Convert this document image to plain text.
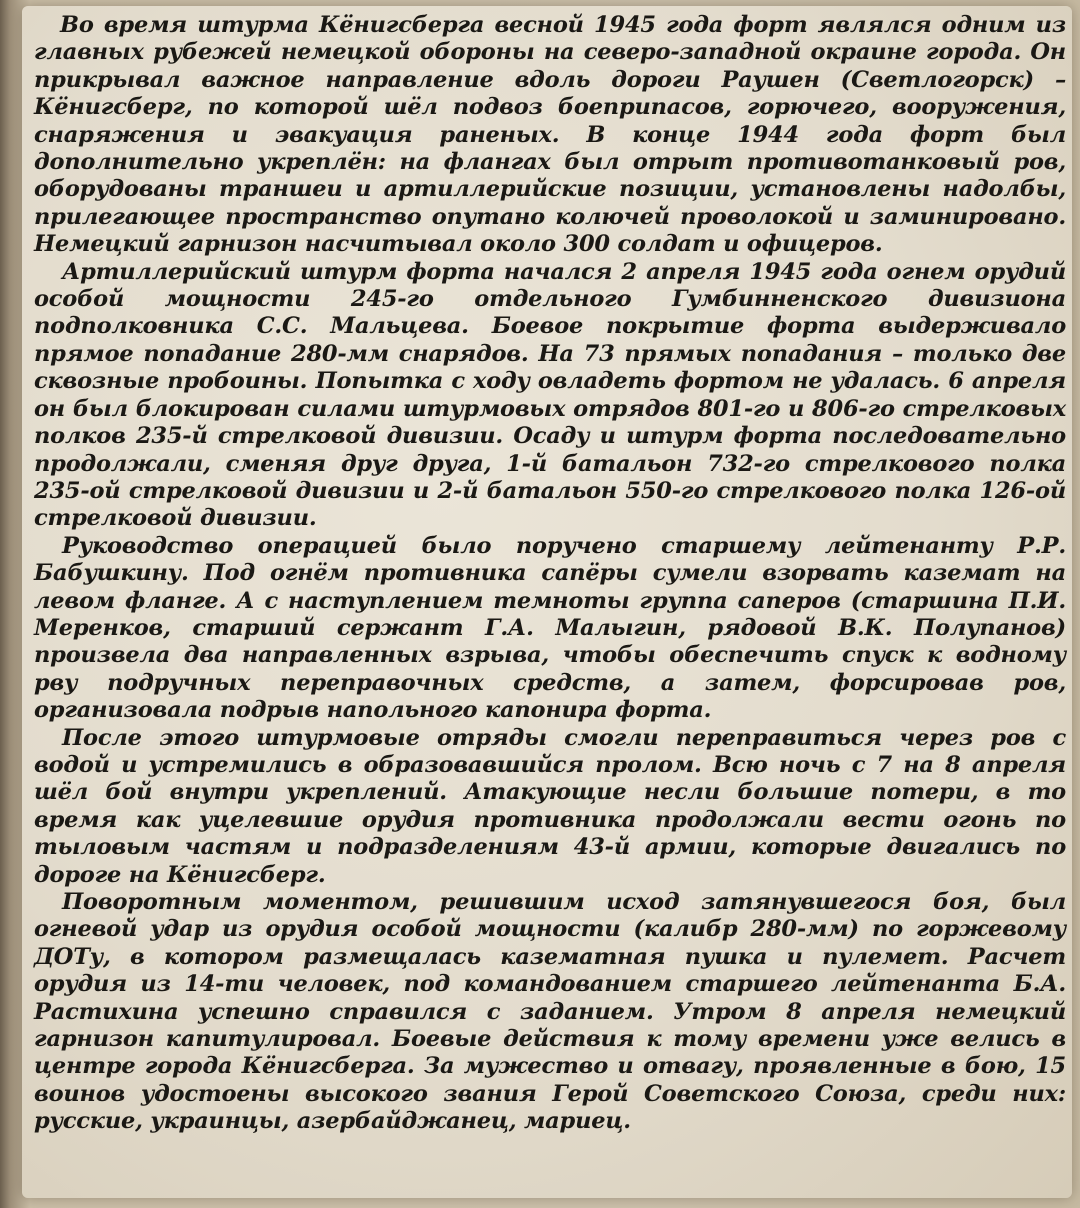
Во время штурма Кёнигсберга весной 1945 года форт являлся одним из главных рубежей немецкой обороны на северо-западной окраине города. Он прикрывал важное направление вдоль дороги Раушен (Светлогорск) – Кёнигсберг, по которой шёл подвоз боеприпасов, горючего, вооружения, снаряжения и эвакуация раненых. В конце 1944 года форт был дополнительно укреплён: на флангах был отрыт противотанковый ров, оборудованы траншеи и артиллерийские позиции, установлены надолбы, прилегающее пространство опутано колючей проволокой и заминировано. Немецкий гарнизон насчитывал около 300 солдат и офицеров.

Артиллерийский штурм форта начался 2 апреля 1945 года огнем орудий особой мощности 245-го отдельного Гумбинненского дивизиона подполковника С.С. Мальцева. Боевое покрытие форта выдерживало прямое попадание 280-мм снарядов. На 73 прямых попадания – только две сквозные пробоины. Попытка с ходу овладеть фортом не удалась. 6 апреля он был блокирован силами штурмовых отрядов 801-го и 806-го стрелковых полков 235-й стрелковой дивизии. Осаду и штурм форта последовательно продолжали, сменяя друг друга, 1-й батальон 732-го стрелкового полка 235-ой стрелковой дивизии и 2-й батальон 550-го стрелкового полка 126-ой стрелковой дивизии.

Руководство операцией было поручено старшему лейтенанту Р.Р. Бабушкину. Под огнём противника сапёры сумели взорвать каземат на левом фланге. А с наступлением темноты группа саперов (старшина П.И. Меренков, старший сержант Г.А. Малыгин, рядовой В.К. Полупанов) произвела два направленных взрыва, чтобы обеспечить спуск к водному рву подручных переправочных средств, а затем, форсировав ров, организовала подрыв напольного капонира форта.

После этого штурмовые отряды смогли переправиться через ров с водой и устремились в образовавшийся пролом. Всю ночь с 7 на 8 апреля шёл бой внутри укреплений. Атакующие несли большие потери, в то время как уцелевшие орудия противника продолжали вести огонь по тыловым частям и подразделениям 43-й армии, которые двигались по дороге на Кёнигсберг.

Поворотным моментом, решившим исход затянувшегося боя, был огневой удар из орудия особой мощности (калибр 280-мм) по горжевому ДОТу, в котором размещалась казематная пушка и пулемет. Расчет орудия из 14-ти человек, под командованием старшего лейтенанта Б.А. Растихина успешно справился с заданием. Утром 8 апреля немецкий гарнизон капитулировал. Боевые действия к тому времени уже велись в центре города Кёнигсберга. За мужество и отвагу, проявленные в бою, 15 воинов удостоены высокого звания Герой Советского Союза, среди них: русские, украинцы, азербайджанец, мариец.
